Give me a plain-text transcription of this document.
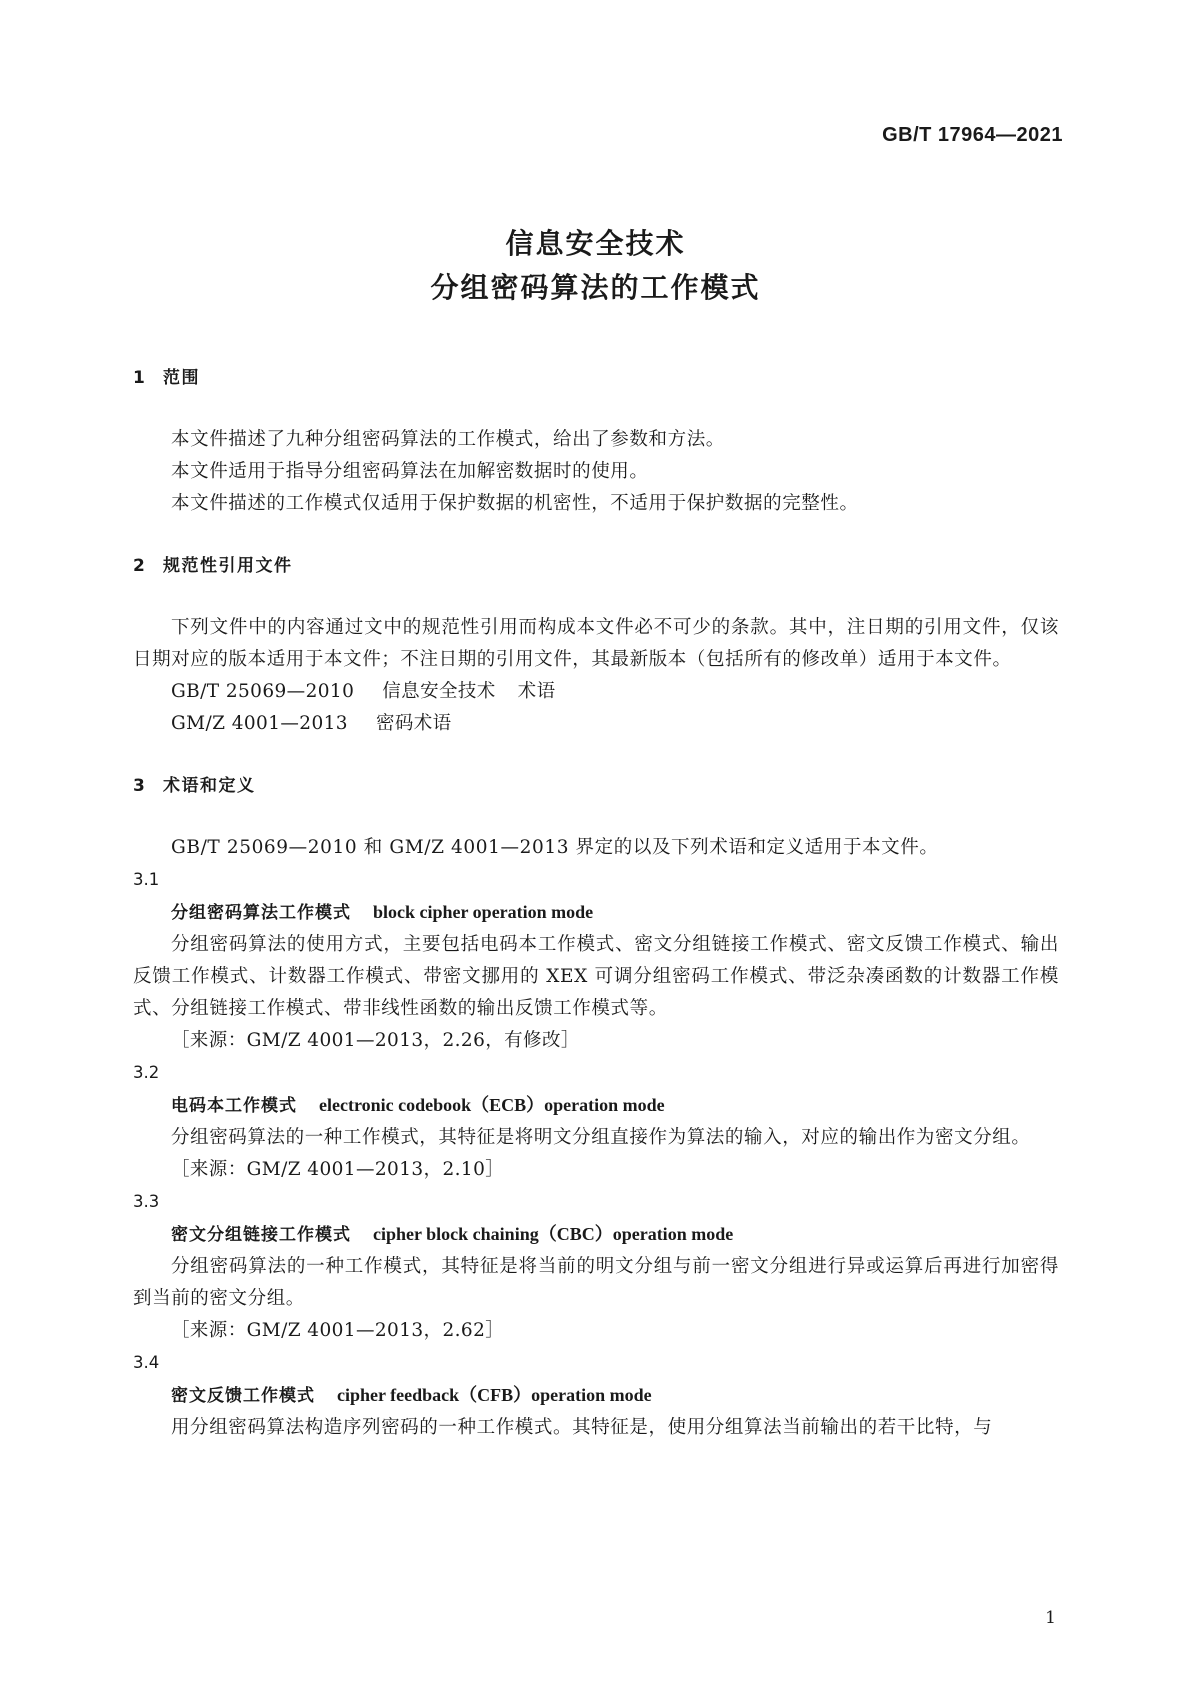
GB/T 17964—2021
信息安全技术
分组密码算法的工作模式
1 范围
本文件描述了九种分组密码算法的工作模式，给出了参数和方法。
本文件适用于指导分组密码算法在加解密数据时的使用。
本文件描述的工作模式仅适用于保护数据的机密性，不适用于保护数据的完整性。
2 规范性引用文件
下列文件中的内容通过文中的规范性引用而构成本文件必不可少的条款。其中，注日期的引用文件，仅该日期对应的版本适用于本文件；不注日期的引用文件，其最新版本（包括所有的修改单）适用于本文件。
GB/T 25069—2010 信息安全技术 术语
GM/Z 4001—2013 密码术语
3 术语和定义
GB/T 25069—2010 和 GM/Z 4001—2013 界定的以及下列术语和定义适用于本文件。
3.1
分组密码算法工作模式 block cipher operation mode
分组密码算法的使用方式，主要包括电码本工作模式、密文分组链接工作模式、密文反馈工作模式、输出反馈工作模式、计数器工作模式、带密文挪用的 XEX 可调分组密码工作模式、带泛杂凑函数的计数器工作模式、分组链接工作模式、带非线性函数的输出反馈工作模式等。
［来源：GM/Z 4001—2013，2.26，有修改］
3.2
电码本工作模式 electronic codebook（ECB）operation mode
分组密码算法的一种工作模式，其特征是将明文分组直接作为算法的输入，对应的输出作为密文分组。
［来源：GM/Z 4001—2013，2.10］
3.3
密文分组链接工作模式 cipher block chaining（CBC）operation mode
分组密码算法的一种工作模式，其特征是将当前的明文分组与前一密文分组进行异或运算后再进行加密得到当前的密文分组。
［来源：GM/Z 4001—2013，2.62］
3.4
密文反馈工作模式 cipher feedback（CFB）operation mode
用分组密码算法构造序列密码的一种工作模式。其特征是，使用分组算法当前输出的若干比特，与
1
